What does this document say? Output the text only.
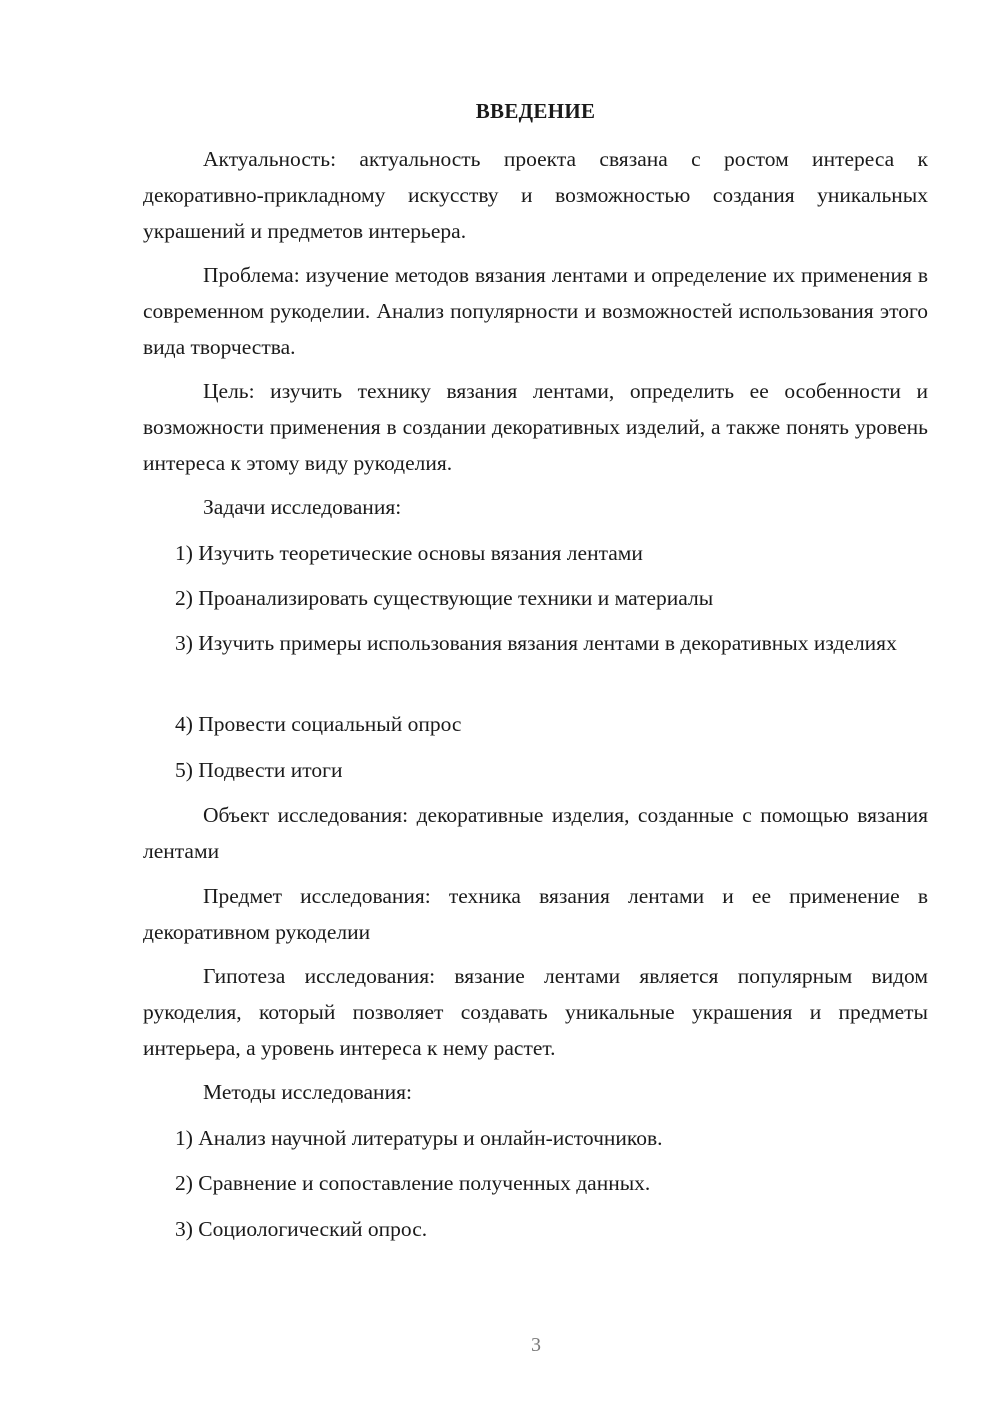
ВВЕДЕНИЕ

Актуальность: актуальность проекта связана с ростом интереса к декоративно-прикладному искусству и возможностью создания уникальных украшений и предметов интерьера.

Проблема: изучение методов вязания лентами и определение их применения в современном рукоделии. Анализ популярности и возможностей использования этого вида творчества.

Цель: изучить технику вязания лентами, определить ее особенности и возможности применения в создании декоративных изделий, а также понять уровень интереса к этому виду рукоделия.

Задачи исследования:

1) Изучить теоретические основы вязания лентами

2) Проанализировать существующие техники и материалы

3) Изучить примеры использования вязания лентами в декоративных изделиях

4) Провести социальный опрос

5) Подвести итоги

Объект исследования: декоративные изделия, созданные с помощью вязания лентами

Предмет исследования: техника вязания лентами и ее применение в декоративном рукоделии

Гипотеза исследования: вязание лентами является популярным видом рукоделия, который позволяет создавать уникальные украшения и предметы интерьера, а уровень интереса к нему растет.

Методы исследования:

1) Анализ научной литературы и онлайн-источников.

2) Сравнение и сопоставление полученных данных.

3) Социологический опрос.

3
